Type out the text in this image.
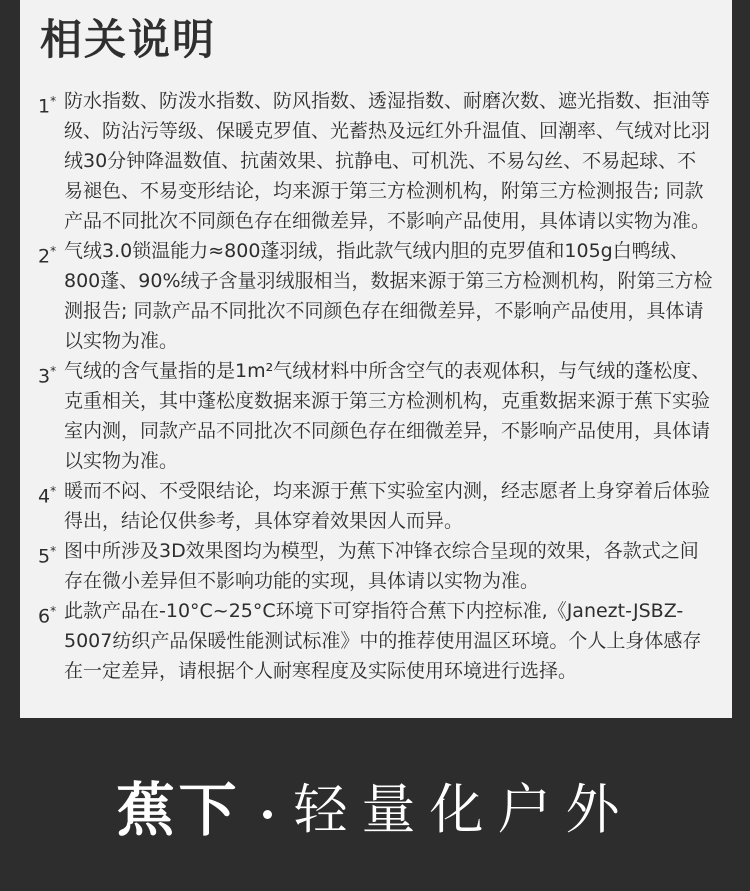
相关说明
1* 防水指数、防泼水指数、防风指数、透湿指数、耐磨次数、遮光指数、拒油等级、防沾污等级、保暖克罗值、光蓄热及远红外升温值、回潮率、气绒对比羽绒30分钟降温数值、抗菌效果、抗静电、可机洗、不易勾丝、不易起球、不易褪色、不易变形结论，均来源于第三方检测机构，附第三方检测报告; 同款产品不同批次不同颜色存在细微差异，不影响产品使用，具体请以实物为准。
2* 气绒3.0锁温能力≈800蓬羽绒，指此款气绒内胆的克罗值和105g白鸭绒、800蓬、90%绒子含量羽绒服相当，数据来源于第三方检测机构，附第三方检测报告; 同款产品不同批次不同颜色存在细微差异，不影响产品使用，具体请以实物为准。
3* 气绒的含气量指的是1m²气绒材料中所含空气的表观体积，与气绒的蓬松度、克重相关，其中蓬松度数据来源于第三方检测机构，克重数据来源于蕉下实验室内测，同款产品不同批次不同颜色存在细微差异，不影响产品使用，具体请以实物为准。
4* 暖而不闷、不受限结论，均来源于蕉下实验室内测，经志愿者上身穿着后体验得出，结论仅供参考，具体穿着效果因人而异。
5* 图中所涉及3D效果图均为模型，为蕉下冲锋衣综合呈现的效果，各款式之间存在微小差异但不影响功能的实现，具体请以实物为准。
6* 此款产品在-10°C~25°C环境下可穿指符合蕉下内控标准,《Janezt-JSBZ-5007纺织产品保暖性能测试标准》中的推荐使用温区环境。个人上身体感存在一定差异，请根据个人耐寒程度及实际使用环境进行选择。
蕉下 轻量化户外
